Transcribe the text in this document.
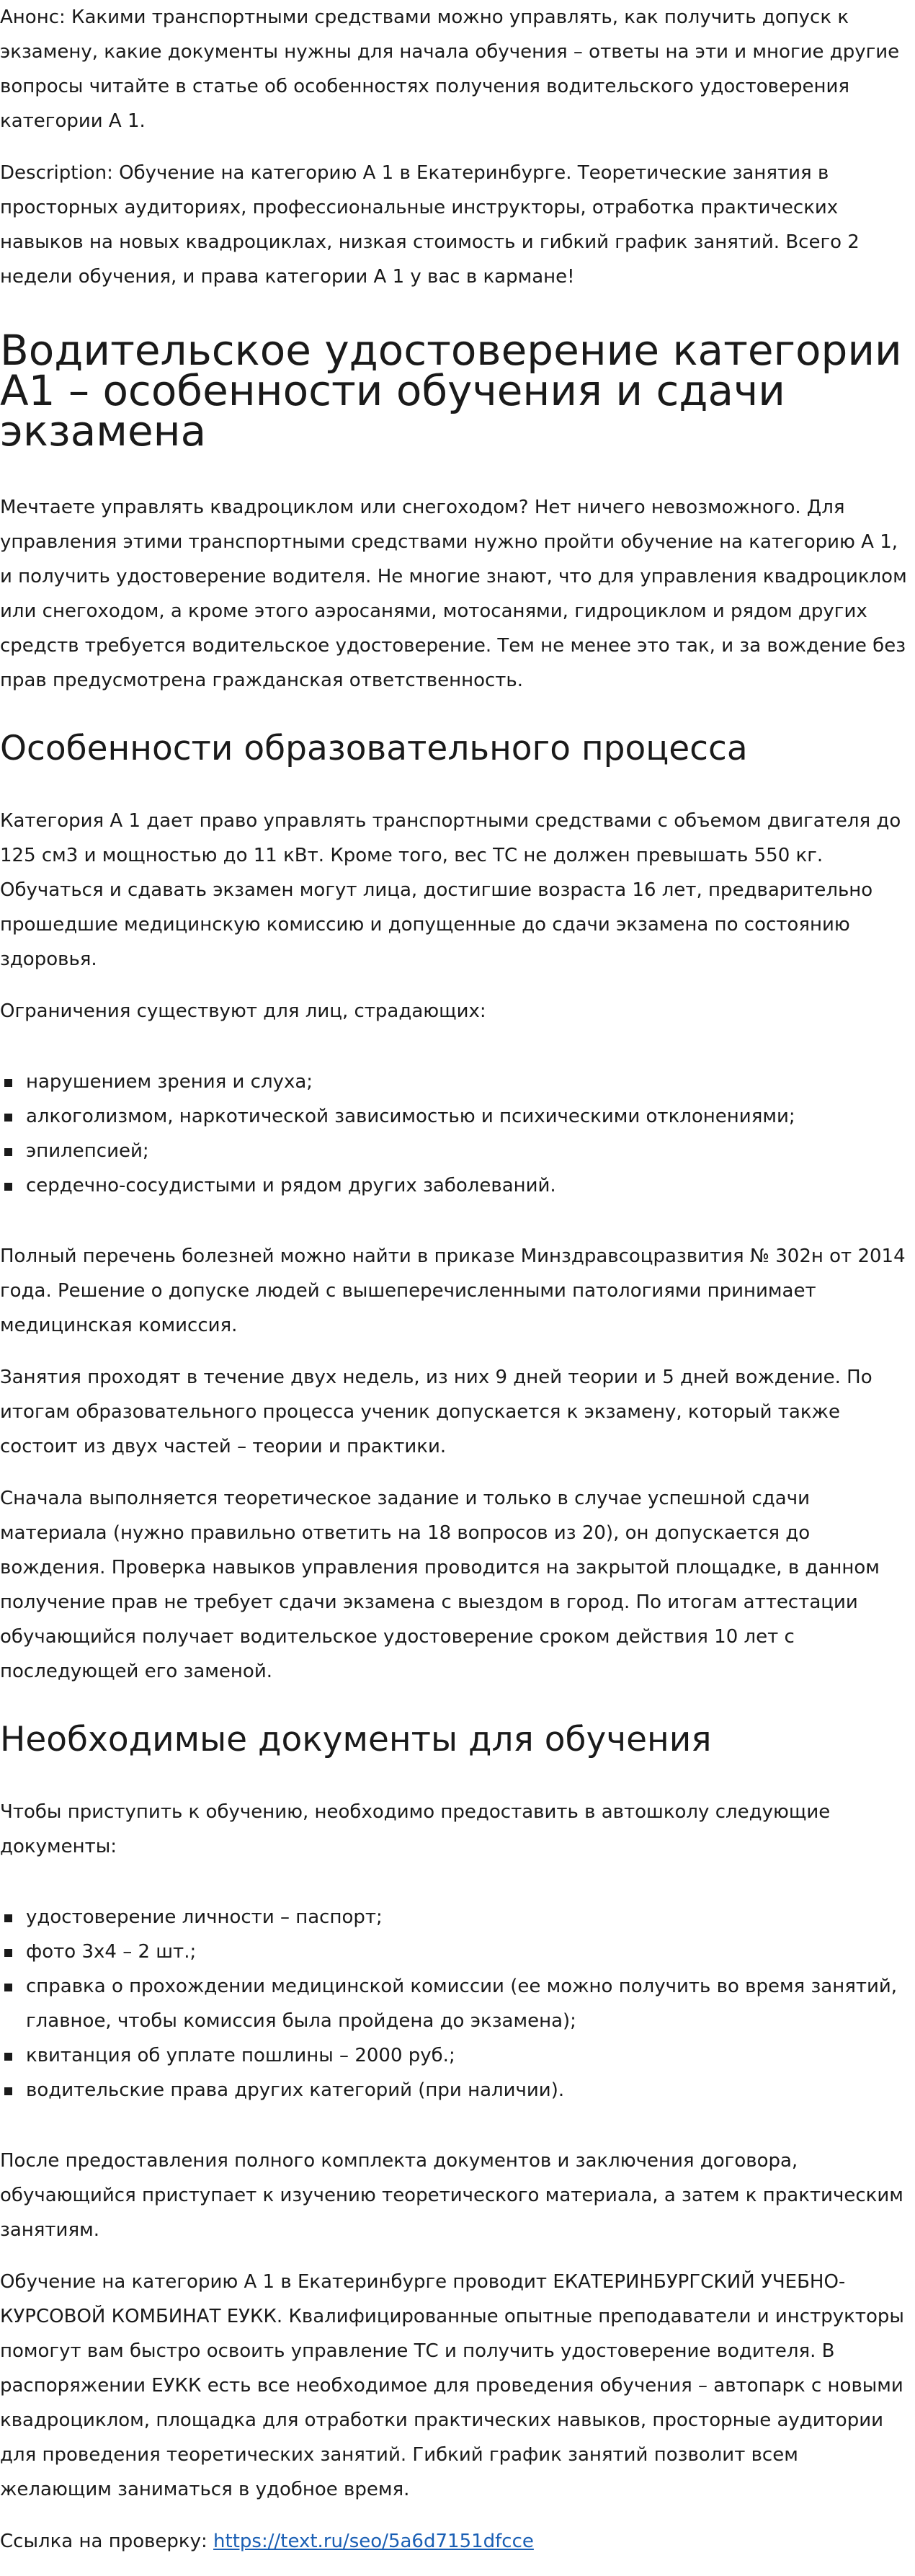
Анонс: Какими транспортными средствами можно управлять, как получить допуск к экзамену, какие документы нужны для начала обучения – ответы на эти и многие другие вопросы читайте в статье об особенностях получения водительского удостоверения категории А 1.

Description: Обучение на категорию А 1 в Екатеринбурге. Теоретические занятия в просторных аудиториях, профессиональные инструкторы, отработка практических навыков на новых квадроциклах, низкая стоимость и гибкий график занятий. Всего 2 недели обучения, и права категории А 1 у вас в кармане!

Водительское удостоверение категории А1 – особенности обучения и сдачи экзамена

Мечтаете управлять квадроциклом или снегоходом? Нет ничего невозможного. Для управления этими транспортными средствами нужно пройти обучение на категорию А 1, и получить удостоверение водителя. Не многие знают, что для управления квадроциклом или снегоходом, а кроме этого аэросанями, мотосанями, гидроциклом и рядом других средств требуется водительское удостоверение. Тем не менее это так, и за вождение без прав предусмотрена гражданская ответственность.

Особенности образовательного процесса

Категория А 1 дает право управлять транспортными средствами с объемом двигателя до 125 см3 и мощностью до 11 кВт. Кроме того, вес ТС не должен превышать 550 кг. Обучаться и сдавать экзамен могут лица, достигшие возраста 16 лет, предварительно прошедшие медицинскую комиссию и допущенные до сдачи экзамена по состоянию здоровья.

Ограничения существуют для лиц, страдающих:

нарушением зрения и слуха;
алкоголизмом, наркотической зависимостью и психическими отклонениями;
эпилепсией;
сердечно-сосудистыми и рядом других заболеваний.

Полный перечень болезней можно найти в приказе Минздравсоцразвития № 302н от 2014 года. Решение о допуске людей с вышеперечисленными патологиями принимает медицинская комиссия.

Занятия проходят в течение двух недель, из них 9 дней теории и 5 дней вождение. По итогам образовательного процесса ученик допускается к экзамену, который также состоит из двух частей – теории и практики.

Сначала выполняется теоретическое задание и только в случае успешной сдачи материала (нужно правильно ответить на 18 вопросов из 20), он допускается до вождения. Проверка навыков управления проводится на закрытой площадке, в данном получение прав не требует сдачи экзамена с выездом в город. По итогам аттестации обучающийся получает водительское удостоверение сроком действия 10 лет с последующей его заменой.

Необходимые документы для обучения

Чтобы приступить к обучению, необходимо предоставить в автошколу следующие документы:

удостоверение личности – паспорт;
фото 3х4 – 2 шт.;
справка о прохождении медицинской комиссии (ее можно получить во время занятий, главное, чтобы комиссия была пройдена до экзамена);
квитанция об уплате пошлины – 2000 руб.;
водительские права других категорий (при наличии).

После предоставления полного комплекта документов и заключения договора, обучающийся приступает к изучению теоретического материала, а затем к практическим занятиям.

Обучение на категорию А 1 в Екатеринбурге проводит ЕКАТЕРИНБУРГСКИЙ УЧЕБНО-КУРСОВОЙ КОМБИНАТ ЕУКК. Квалифицированные опытные преподаватели и инструкторы помогут вам быстро освоить управление ТС и получить удостоверение водителя. В распоряжении ЕУКК есть все необходимое для проведения обучения – автопарк с новыми квадроциклом, площадка для отработки практических навыков, просторные аудитории для проведения теоретических занятий. Гибкий график занятий позволит всем желающим заниматься в удобное время.

Ссылка на проверку: https://text.ru/seo/5a6d7151dfcce
